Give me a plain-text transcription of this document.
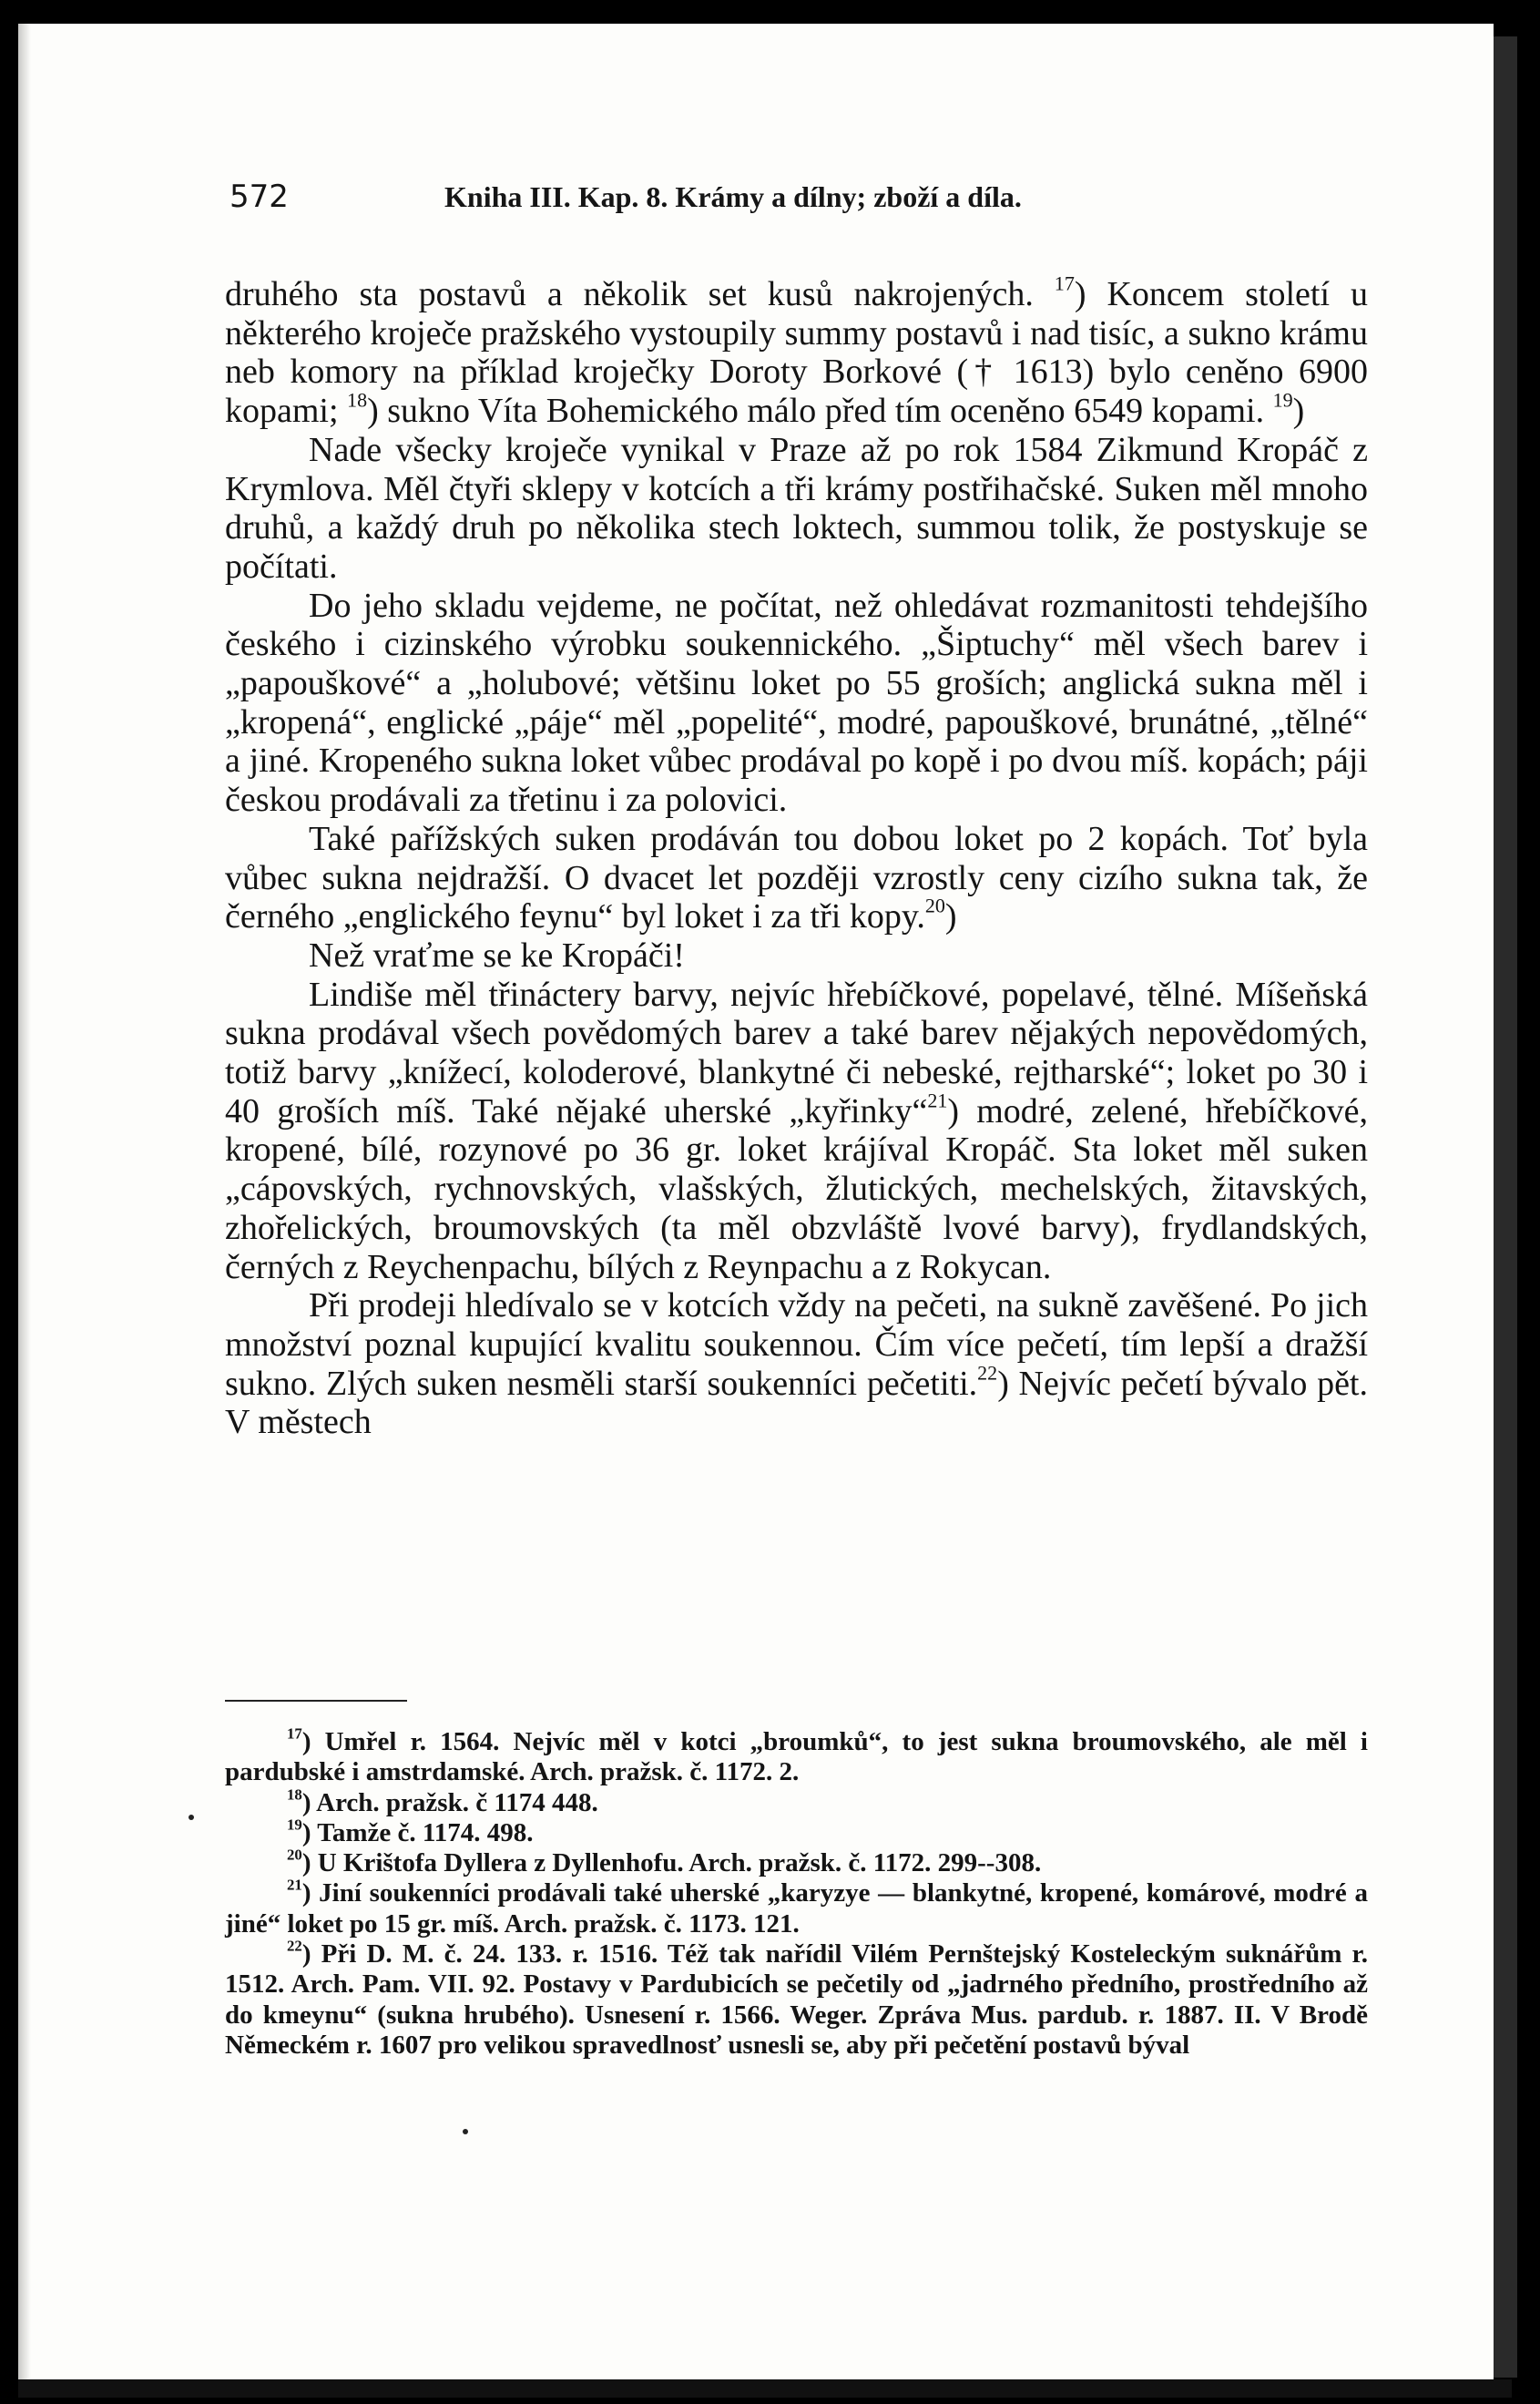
572	Kniha III. Kap. 8. Krámy a dílny; zboží a díla.

druhého sta postavů a několik set kusů nakrojených. $^{17}$) Koncem století u některého kroječe pražského vystoupily summy postavů i nad tisíc, a sukno krámu neb komory na příklad kroječky Doroty Borkové († 1613) bylo ceněno 6900 kopami; $^{18}$) sukno Víta Bohemického málo před tím oceněno 6549 kopami. $^{19}$)

Nade všecky kroječe vynikal v Praze až po rok 1584 Zikmund Kropáč z Krymlova. Měl čtyři sklepy v kotcích a tři krámy postřihačské. Suken měl mnoho druhů, a každý druh po několika stech loktech, summou tolik, že postyskuje se počítati.

Do jeho skladu vejdeme, ne počítat, než ohledávat rozmanitosti tehdejšího českého i cizinského výrobku soukennického. „Šiptuchy“ měl všech barev i „papouškové“ a „holubové; většinu loket po 55 groších; anglická sukna měl i „kropená“, englické „páje“ měl „popelité“, modré, papouškové, brunátné, „tělné“ a jiné. Kropeného sukna loket vůbec prodával po kopě i po dvou míš. kopách; páji českou prodávali za třetinu i za polovici.

Také pařížských suken prodáván tou dobou loket po 2 kopách. Toť byla vůbec sukna nejdražší. O dvacet let později vzrostly ceny cizího sukna tak, že černého „englického feynu“ byl loket i za tři kopy.$^{20}$)

Než vraťme se ke Kropáči!

Lindiše měl třináctery barvy, nejvíc hřebíčkové, popelavé, tělné. Míšeňská sukna prodával všech povědomých barev a také barev nějakých nepovědomých, totiž barvy „knížecí, koloderové, blankytné či nebeské, rejtharské“; loket po 30 i 40 groších míš. Také nějaké uherské „kyřinky“$^{21}$) modré, zelené, hřebíčkové, kropené, bílé, rozynové po 36 gr. loket krájíval Kropáč. Sta loket měl suken „cápovských, rychnovských, vlašských, žlutických, mechelských, žitavských, zhořelických, broumovských (ta měl obzvláště lvové barvy), frydlandských, černých z Reychenpachu, bílých z Reynpachu a z Rokycan.

Při prodeji hledívalo se v kotcích vždy na pečeti, na sukně zavěšené. Po jich množství poznal kupující kvalitu soukennou. Čím více pečetí, tím lepší a dražší sukno. Zlých suken nesměli starší soukenníci pečetiti.$^{22}$) Nejvíc pečetí bývalo pět. V městech

$^{17}$) Umřel r. 1564. Nejvíc měl v kotci „broumků“, to jest sukna broumovského, ale měl i pardubské i amstrdamské. Arch. pražsk. č. 1172. 2.

$^{18}$) Arch. pražsk. č 1174 448.

$^{19}$) Tamže č. 1174. 498.

$^{20}$) U Krištofa Dyllera z Dyllenhofu. Arch. pražsk. č. 1172. 299--308.

$^{21}$) Jiní soukenníci prodávali také uherské „karyzye — blankytné, kropené, komárové, modré a jiné“ loket po 15 gr. míš. Arch. pražsk. č. 1173. 121.

$^{22}$) Při D. M. č. 24. 133. r. 1516. Též tak nařídil Vilém Pernštejský Kosteleckým suknářům r. 1512. Arch. Pam. VII. 92. Postavy v Pardubicích se pečetily od „jadrného předního, prostředního až do kmeynu“ (sukna hrubého). Usnesení r. 1566. Weger. Zpráva Mus. pardub. r. 1887. II. V Brodě Německém r. 1607 pro velikou spravedlnosť usnesli se, aby při pečetění postavů býval
